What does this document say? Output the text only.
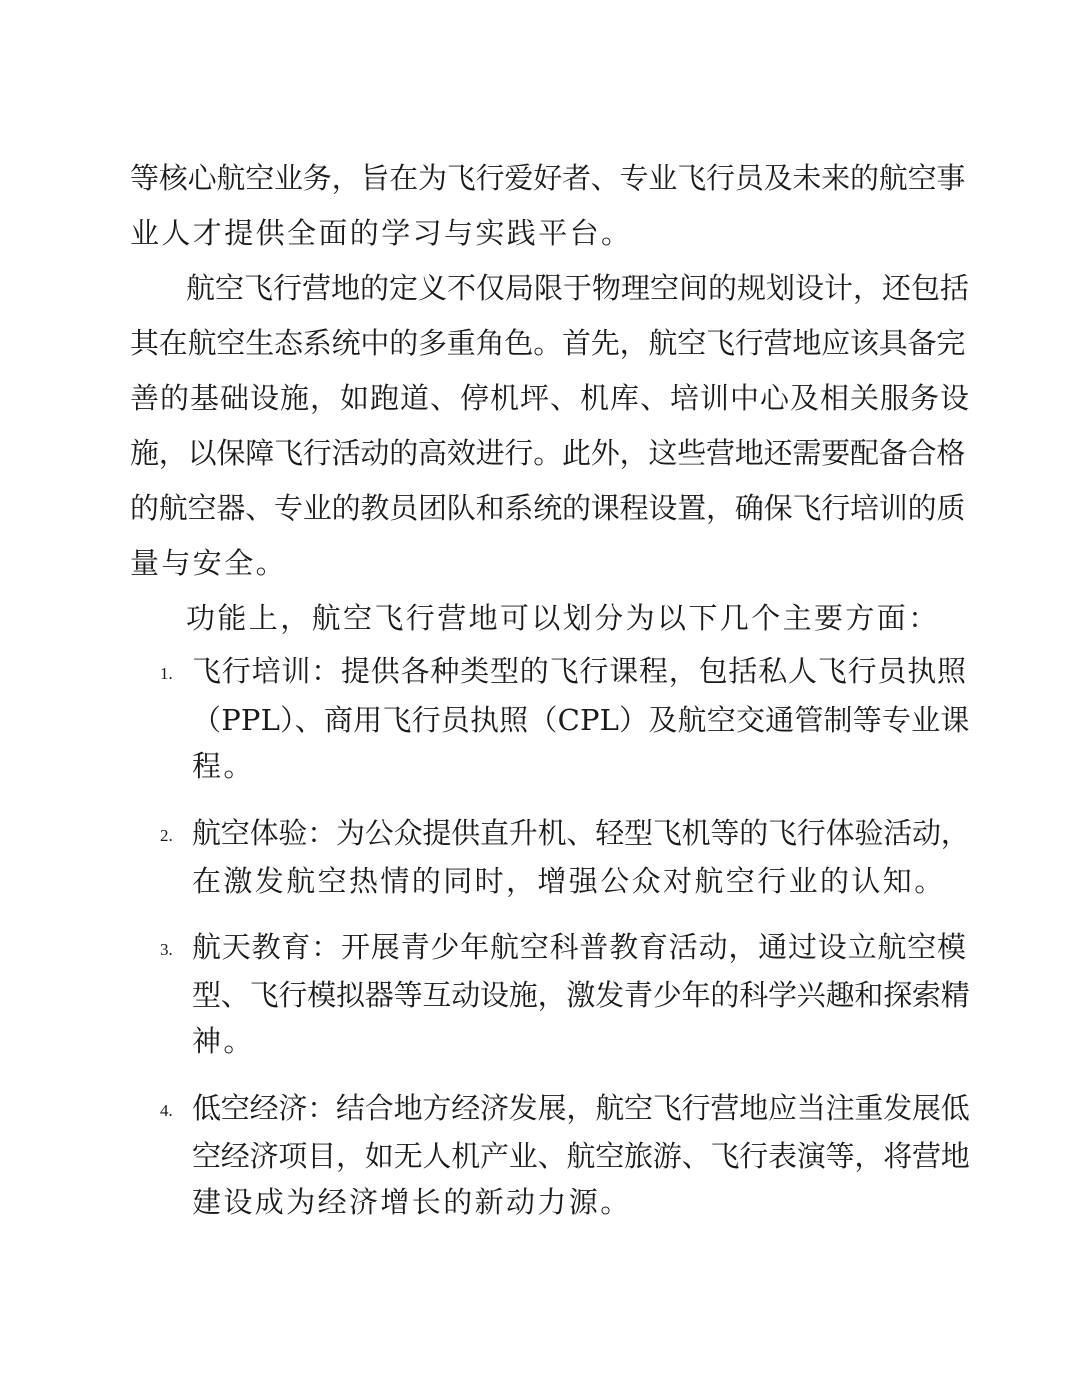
等核心航空业务，旨在为飞行爱好者、专业飞行员及未来的航空事
业人才提供全面的学习与实践平台。
航空飞行营地的定义不仅局限于物理空间的规划设计，还包括
其在航空生态系统中的多重角色。首先，航空飞行营地应该具备完
善的基础设施，如跑道、停机坪、机库、培训中心及相关服务设
施，以保障飞行活动的高效进行。此外，这些营地还需要配备合格
的航空器、专业的教员团队和系统的课程设置，确保飞行培训的质
量与安全。
功能上，航空飞行营地可以划分为以下几个主要方面：
1. 飞行培训：提供各种类型的飞行课程，包括私人飞行员执照
（PPL）、商用飞行员执照（CPL）及航空交通管制等专业课
程。
2. 航空体验：为公众提供直升机、轻型飞机等的飞行体验活动，
在激发航空热情的同时，增强公众对航空行业的认知。
3. 航天教育：开展青少年航空科普教育活动，通过设立航空模
型、飞行模拟器等互动设施，激发青少年的科学兴趣和探索精
神。
4. 低空经济：结合地方经济发展，航空飞行营地应当注重发展低
空经济项目，如无人机产业、航空旅游、飞行表演等，将营地
建设成为经济增长的新动力源。
